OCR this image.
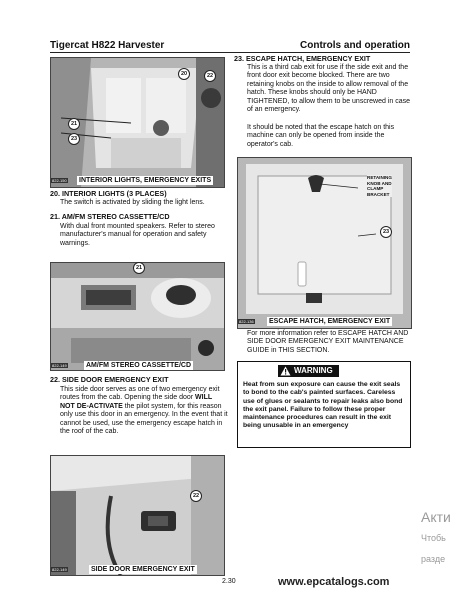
Tigercat H822 Harvester	Controls and operation
20	22
21
23
822-150 INTERIOR LIGHTS, EMERGENCY EXITS
20. INTERIOR LIGHTS (3 PLACES)
The switch is activated by sliding the light lens.
21. AM/FM STEREO CASSETTE/CD
With dual front mounted speakers. Refer to stereo manufacturer's manual for operation and safety warnings.
21
822-149	AM/FM STEREO CASSETTE/CD
22. SIDE DOOR EMERGENCY EXIT
This side door serves as one of two emergency exit routes from the cab. Opening the side door WILL NOT DE-ACTIVATE the pilot system, for this reason only use this door in an emergency. In the event that it cannot be used, use the emergency escape hatch in the roof of the cab.
22
822-149	SIDE DOOR EMERGENCY EXIT
23. ESCAPE HATCH, EMERGENCY EXIT
This is a third cab exit for use if the side exit and the front door exit become blocked. There are two retaining knobs on the inside to allow removal of the hatch. These knobs should only be HAND TIGHTENED, to allow them to be unscrewed in case of an emergency.
It should be noted that the escape hatch on this machine can only be opened from inside the operator's cab.
RETAINING
KNOB AND
CLAMP
BRACKET
23
822-136 ESCAPE HATCH, EMERGENCY EXIT
For more information refer to ESCAPE HATCH AND SIDE DOOR EMERGENCY EXIT MAINTENANCE GUIDE in THIS SECTION.
WARNING
Heat from sun exposure can cause the exit seals to bond to the cab's painted surfaces. Careless use of glues or sealants to repair leaks also bond the exit panel. Failure to follow these proper maintenance procedures can result in the exit being unusable in an emergency
2.30	www.epcatalogs.com
Акти
Чтобь
разде
